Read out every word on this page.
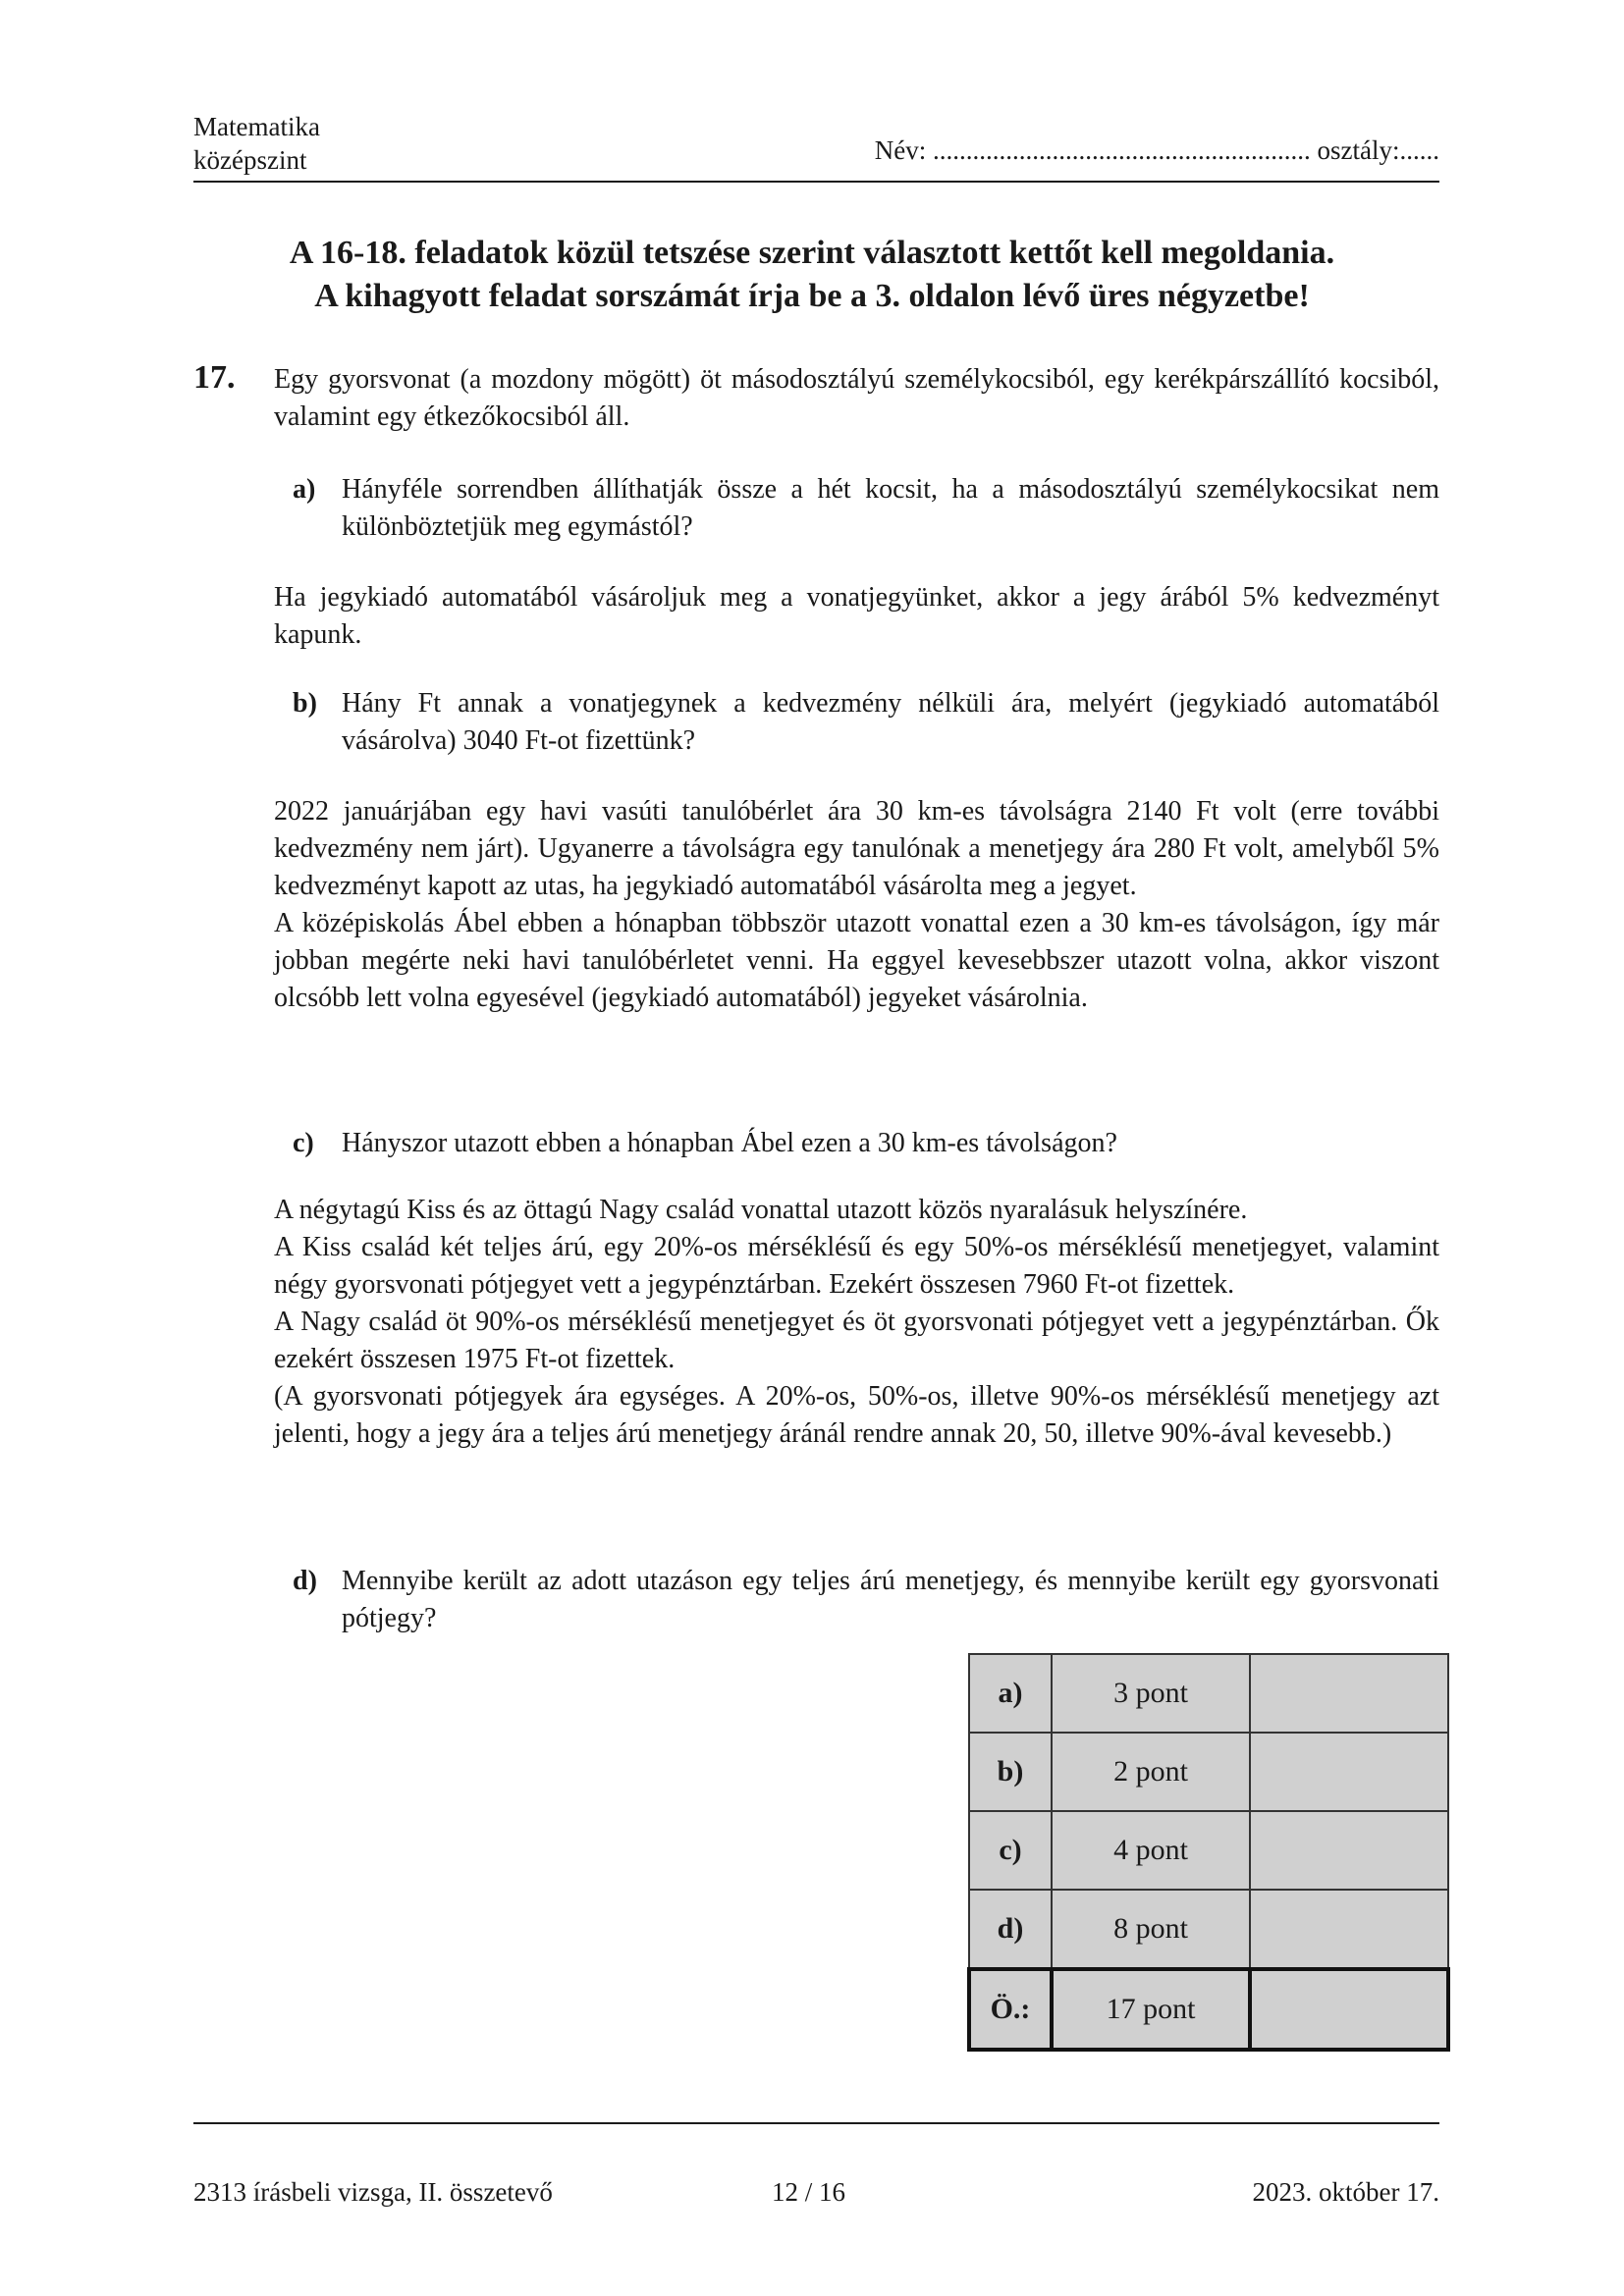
Matematika
középszint	Név: ......................................................... osztály:......
A 16-18. feladatok közül tetszése szerint választott kettőt kell megoldania.
A kihagyott feladat sorszámát írja be a 3. oldalon lévő üres négyzetbe!
17. Egy gyorsvonat (a mozdony mögött) öt másodosztályú személykocsiból, egy kerékpárszállító kocsiból, valamint egy étkezőkocsiból áll.

a) Hányféle sorrendben állíthatják össze a hét kocsit, ha a másodosztályú személykocsikat nem különböztetjük meg egymástól?

Ha jegykiadó automatából vásároljuk meg a vonatjegyünket, akkor a jegy árából 5% kedvezményt kapunk.

b) Hány Ft annak a vonatjegynek a kedvezmény nélküli ára, melyért (jegykiadó automatából vásárolva) 3040 Ft-ot fizettünk?

2022 januárjában egy havi vasúti tanulóbérlet ára 30 km-es távolságra 2140 Ft volt (erre további kedvezmény nem járt). Ugyanerre a távolságra egy tanulónak a menetjegy ára 280 Ft volt, amelyből 5% kedvezményt kapott az utas, ha jegykiadó automatából vásárolta meg a jegyet.

A középiskolás Ábel ebben a hónapban többször utazott vonattal ezen a 30 km-es távolságon, így már jobban megérte neki havi tanulóbérletet venni. Ha eggyel kevesebbszer utazott volna, akkor viszont olcsóbb lett volna egyesével (jegykiadó automatából) jegyeket vásárolnia.

c) Hányszor utazott ebben a hónapban Ábel ezen a 30 km-es távolságon?

A négytagú Kiss és az öttagú Nagy család vonattal utazott közös nyaralásuk helyszínére.

A Kiss család két teljes árú, egy 20%-os mérséklésű és egy 50%-os mérséklésű menetjegyet, valamint négy gyorsvonati pótjegyet vett a jegypénztárban. Ezekért összesen 7960 Ft-ot fizettek.

A Nagy család öt 90%-os mérséklésű menetjegyet és öt gyorsvonati pótjegyet vett a jegypénztárban. Ők ezekért összesen 1975 Ft-ot fizettek.

(A gyorsvonati pótjegyek ára egységes. A 20%-os, 50%-os, illetve 90%-os mérséklésű menetjegy azt jelenti, hogy a jegy ára a teljes árú menetjegy áránál rendre annak 20, 50, illetve 90%-ával kevesebb.)

d) Mennyibe került az adott utazáson egy teljes árú menetjegy, és mennyibe került egy gyorsvonati pótjegy?
a)	3 pont	
b)	2 pont	
c)	4 pont	
d)	8 pont	
Ö.:	17 pont	
2313 írásbeli vizsga, II. összetevő	12 / 16	2023. október 17.
